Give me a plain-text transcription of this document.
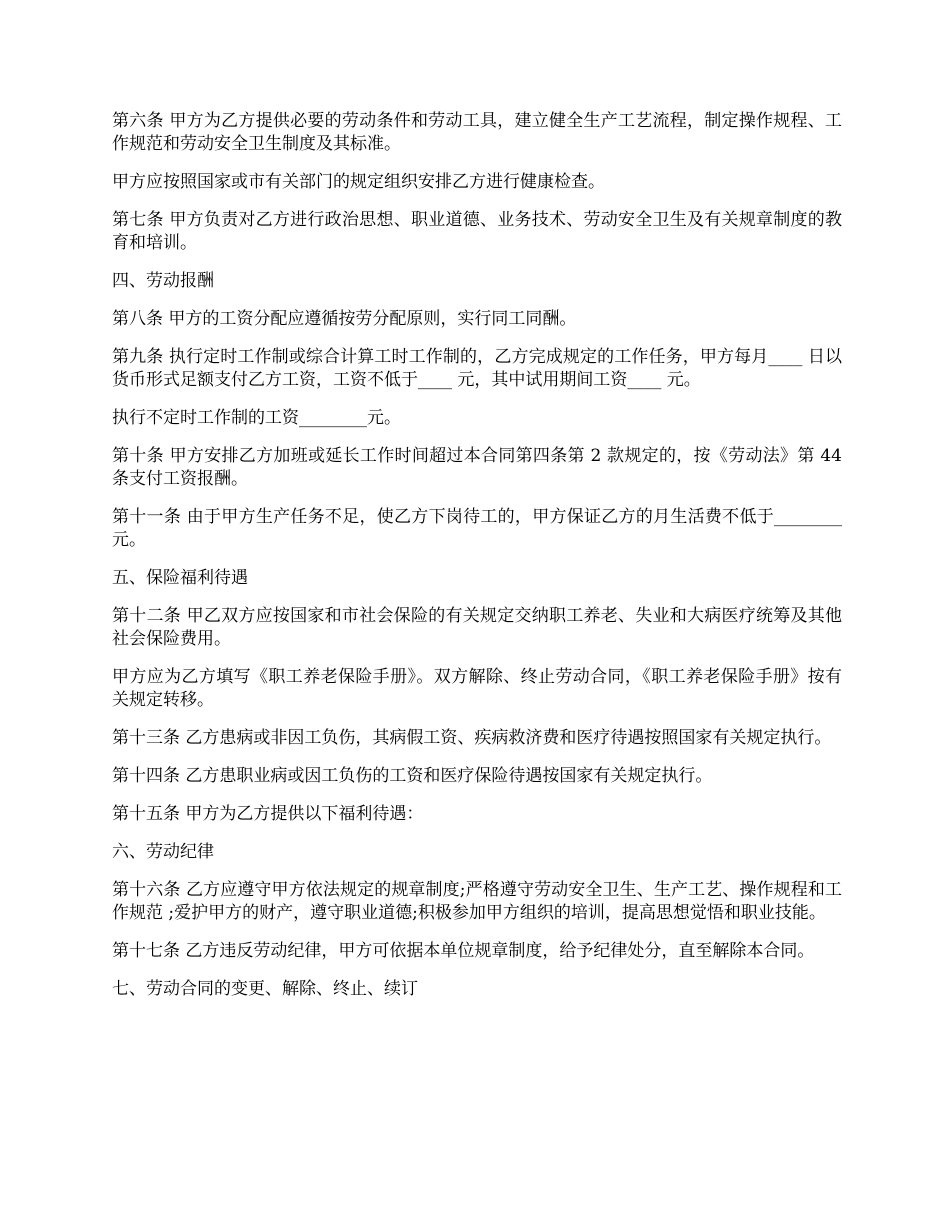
第六条 甲方为乙方提供必要的劳动条件和劳动工具，建立健全生产工艺流程，制定操作规程、工作规范和劳动安全卫生制度及其标准。

甲方应按照国家或市有关部门的规定组织安排乙方进行健康检查。

第七条 甲方负责对乙方进行政治思想、职业道德、业务技术、劳动安全卫生及有关规章制度的教育和培训。

四、劳动报酬

第八条 甲方的工资分配应遵循按劳分配原则，实行同工同酬。

第九条 执行定时工作制或综合计算工时工作制的，乙方完成规定的工作任务，甲方每月____ 日以货币形式足额支付乙方工资，工资不低于____ 元，其中试用期间工资____ 元。

执行不定时工作制的工资________元。

第十条 甲方安排乙方加班或延长工作时间超过本合同第四条第 2 款规定的，按《劳动法》第 44 条支付工资报酬。

第十一条 由于甲方生产任务不足，使乙方下岗待工的，甲方保证乙方的月生活费不低于________元。

五、保险福利待遇

第十二条 甲乙双方应按国家和市社会保险的有关规定交纳职工养老、失业和大病医疗统筹及其他社会保险费用。

甲方应为乙方填写《职工养老保险手册》。双方解除、终止劳动合同，《职工养老保险手册》按有关规定转移。

第十三条 乙方患病或非因工负伤，其病假工资、疾病救济费和医疗待遇按照国家有关规定执行。

第十四条 乙方患职业病或因工负伤的工资和医疗保险待遇按国家有关规定执行。

第十五条 甲方为乙方提供以下福利待遇：

六、劳动纪律

第十六条 乙方应遵守甲方依法规定的规章制度;严格遵守劳动安全卫生、生产工艺、操作规程和工作规范 ;爱护甲方的财产，遵守职业道德;积极参加甲方组织的培训，提高思想觉悟和职业技能。

第十七条 乙方违反劳动纪律，甲方可依据本单位规章制度，给予纪律处分，直至解除本合同。

七、劳动合同的变更、解除、终止、续订
